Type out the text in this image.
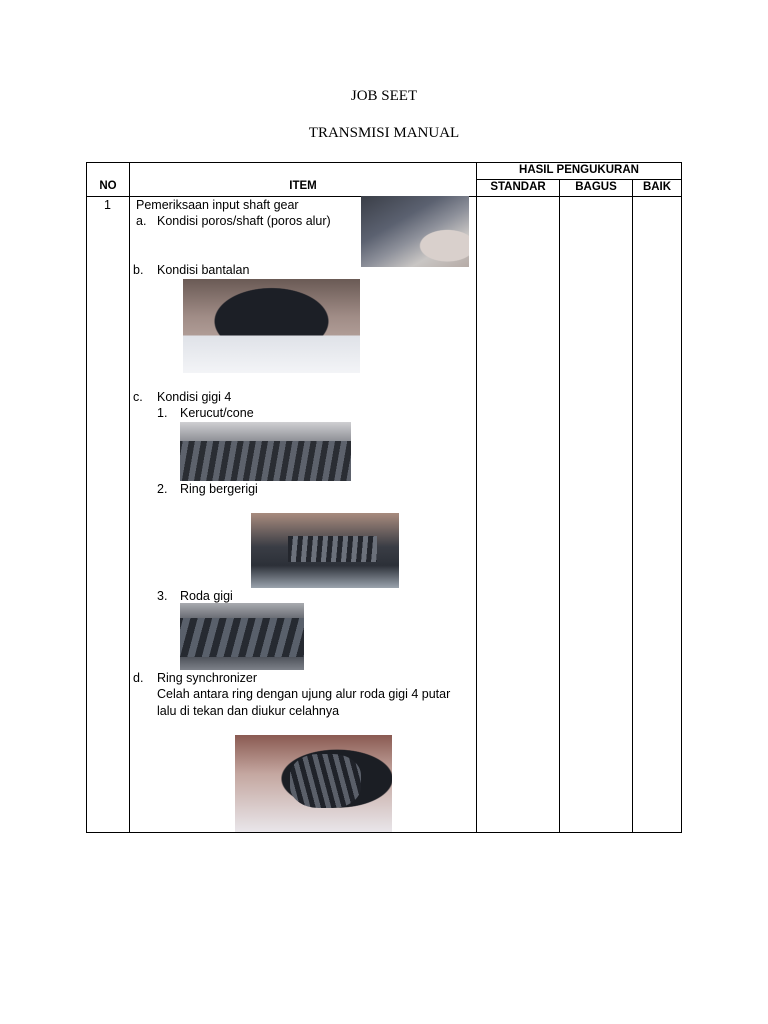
JOB SEET
TRANSMISI MANUAL
NO	ITEM
HASIL PENGUKURAN
STANDAR	BAGUS	BAIK
1 Pemeriksaan input shaft gear
a. Kondisi poros/shaft (poros alur)
b. Kondisi bantalan
c. Kondisi gigi 4
1. Kerucut/cone
2. Ring bergerigi
3. Roda gigi
d. Ring synchronizer
Celah antara ring dengan ujung alur roda gigi 4 putar
lalu di tekan dan diukur celahnya
